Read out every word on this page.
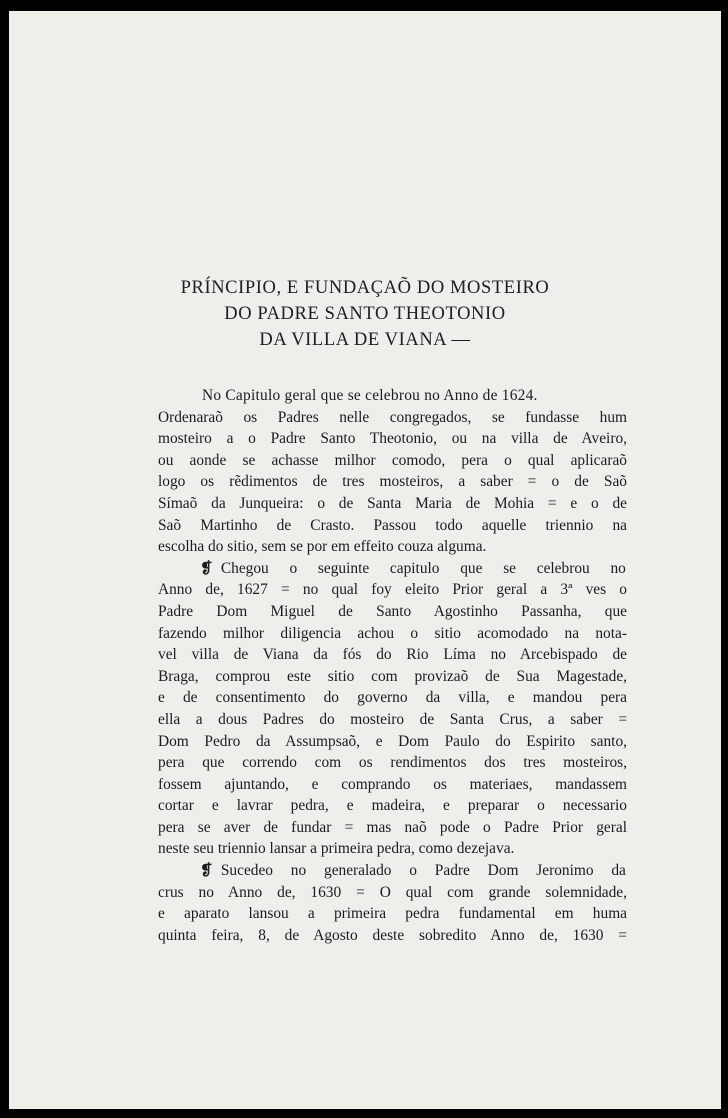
PRÍNCIPIO, E FUNDAÇAÕ DO MOSTEIRO
DO PADRE SANTO THEOTONIO
DA VILLA DE VIANA —
No Capitulo geral que se celebrou no Anno de 1624.
Ordenaraõ os Padres nelle congregados, se fundasse hum
mosteiro a o Padre Santo Theotonio, ou na villa de Aveiro,
ou aonde se achasse milhor comodo, pera o qual aplicaraõ
logo os rẽdimentos de tres mosteiros, a saber = o de Saõ
Símaõ da Junqueira: o de Santa Maria de Mohia = e o de
Saõ Martinho de Crasto. Passou todo aquelle triennio na
escolha do sitio, sem se por em effeito couza alguma.
❡ Chegou o seguinte capitulo que se celebrou no
Anno de, 1627 = no qual foy eleito Prior geral a 3ª ves o
Padre Dom Miguel de Santo Agostinho Passanha, que
fazendo milhor diligencia achou o sitio acomodado na nota-
vel villa de Viana da fós do Rio Líma no Arcebispado de
Braga, comprou este sitio com provizaõ de Sua Magestade,
e de consentimento do governo da villa, e mandou pera
ella a dous Padres do mosteiro de Santa Crus, a saber =
Dom Pedro da Assumpsaõ, e Dom Paulo do Espirito santo,
pera que correndo com os rendimentos dos tres mosteiros,
fossem ajuntando, e comprando os materiaes, mandassem
cortar e lavrar pedra, e madeira, e preparar o necessario
pera se aver de fundar = mas naõ pode o Padre Prior geral
neste seu triennio lansar a primeira pedra, como dezejava.
❡ Sucedeo no generalado o Padre Dom Jeronimo da
crus no Anno de, 1630 = O qual com grande solemnidade,
e aparato lansou a primeira pedra fundamental em huma
quinta feira, 8, de Agosto deste sobredito Anno de, 1630 =
